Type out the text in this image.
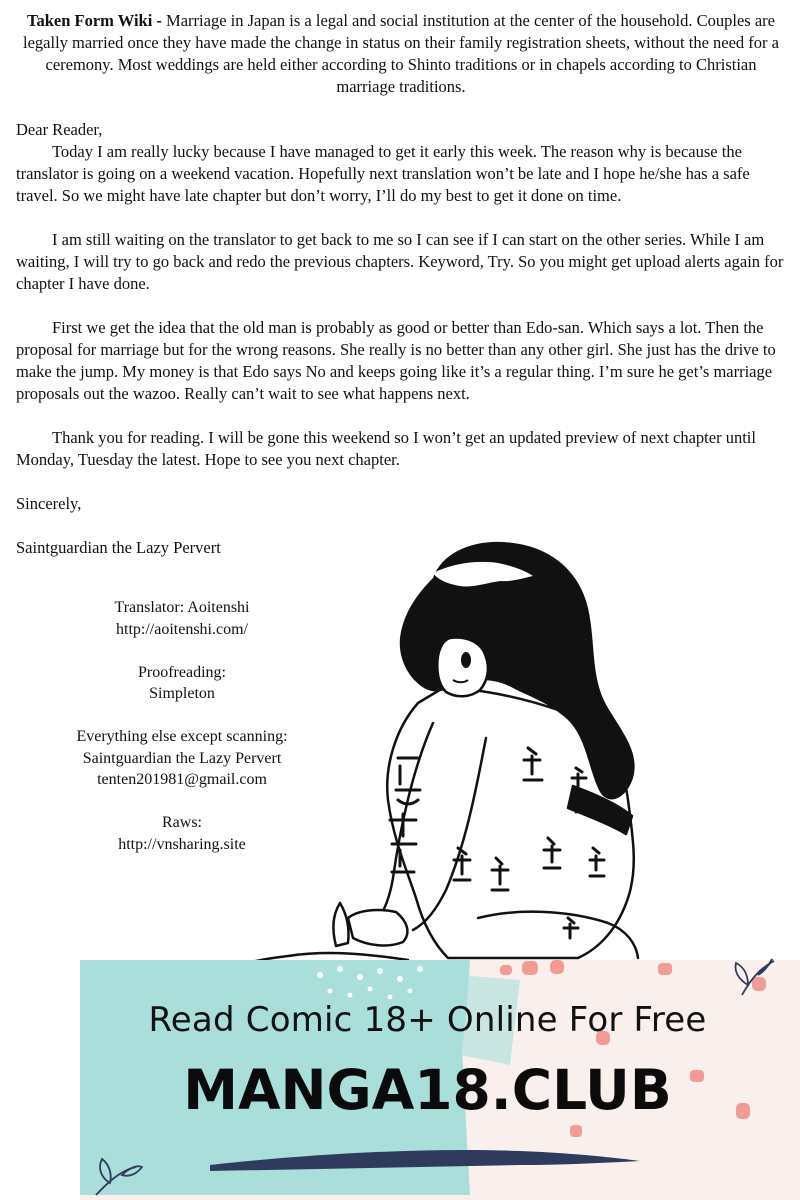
Taken Form Wiki - Marriage in Japan is a legal and social institution at the center of the household. Couples are legally married once they have made the change in status on their family registration sheets, without the need for a ceremony. Most weddings are held either according to Shinto traditions or in chapels according to Christian marriage traditions.

Dear Reader,

Today I am really lucky because I have managed to get it early this week. The reason why is because the translator is going on a weekend vacation. Hopefully next translation won’t be late and I hope he/she has a safe travel. So we might have late chapter but don’t worry, I’ll do my best to get it done on time.

I am still waiting on the translator to get back to me so I can see if I can start on the other series. While I am waiting, I will try to go back and redo the previous chapters. Keyword, Try. So you might get upload alerts again for chapter I have done.

First we get the idea that the old man is probably as good or better than Edo-san. Which says a lot. Then the proposal for marriage but for the wrong reasons. She really is no better than any other girl. She just has the drive to make the jump. My money is that Edo says No and keeps going like it’s a regular thing. I’m sure he get’s marriage proposals out the wazoo. Really can’t wait to see what happens next.

Thank you for reading. I will be gone this weekend so I won’t get an updated preview of next chapter until Monday, Tuesday the latest. Hope to see you next chapter.

Sincerely,

Saintguardian the Lazy Pervert

Translator: Aoitenshi
http://aoitenshi.com/
Proofreading:
Simpleton
Everything else except scanning:
Saintguardian the Lazy Pervert
tenten201981@gmail.com
Raws:
http://vnsharing.site
Read Comic 18+ Online For Free
MANGA18.CLUB
